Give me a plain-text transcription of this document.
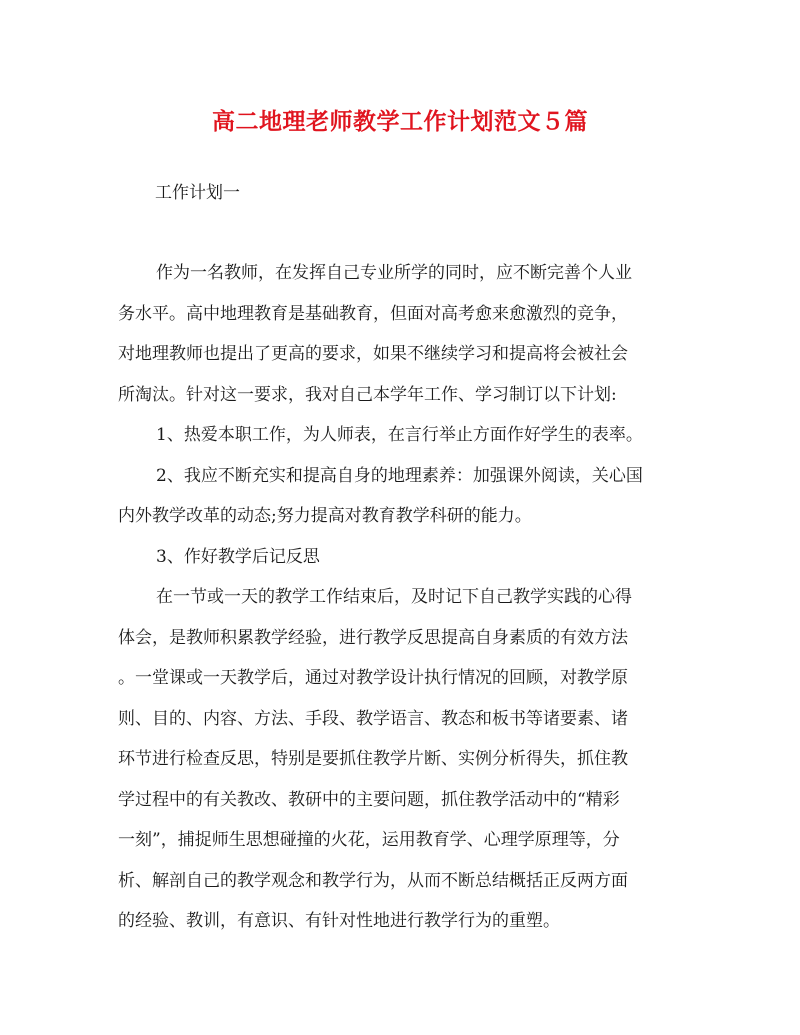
高二地理老师教学工作计划范文５篇
工作计划一
作为一名教师，在发挥自己专业所学的同时，应不断完善个人业
务水平。高中地理教育是基础教育，但面对高考愈来愈激烈的竞争，
对地理教师也提出了更高的要求，如果不继续学习和提高将会被社会
所淘汰。针对这一要求，我对自己本学年工作、学习制订以下计划:
1、热爱本职工作，为人师表，在言行举止方面作好学生的表率。
2、我应不断充实和提高自身的地理素养：加强课外阅读，关心国
内外教学改革的动态;努力提高对教育教学科研的能力。
3、作好教学后记反思
在一节或一天的教学工作结束后，及时记下自己教学实践的心得
体会，是教师积累教学经验，进行教学反思提高自身素质的有效方法
。一堂课或一天教学后，通过对教学设计执行情况的回顾，对教学原
则、目的、内容、方法、手段、教学语言、教态和板书等诸要素、诸
环节进行检查反思，特别是要抓住教学片断、实例分析得失，抓住教
学过程中的有关教改、教研中的主要问题，抓住教学活动中的“精彩
一刻”，捕捉师生思想碰撞的火花，运用教育学、心理学原理等，分
析、解剖自己的教学观念和教学行为，从而不断总结概括正反两方面
的经验、教训，有意识、有针对性地进行教学行为的重塑。
